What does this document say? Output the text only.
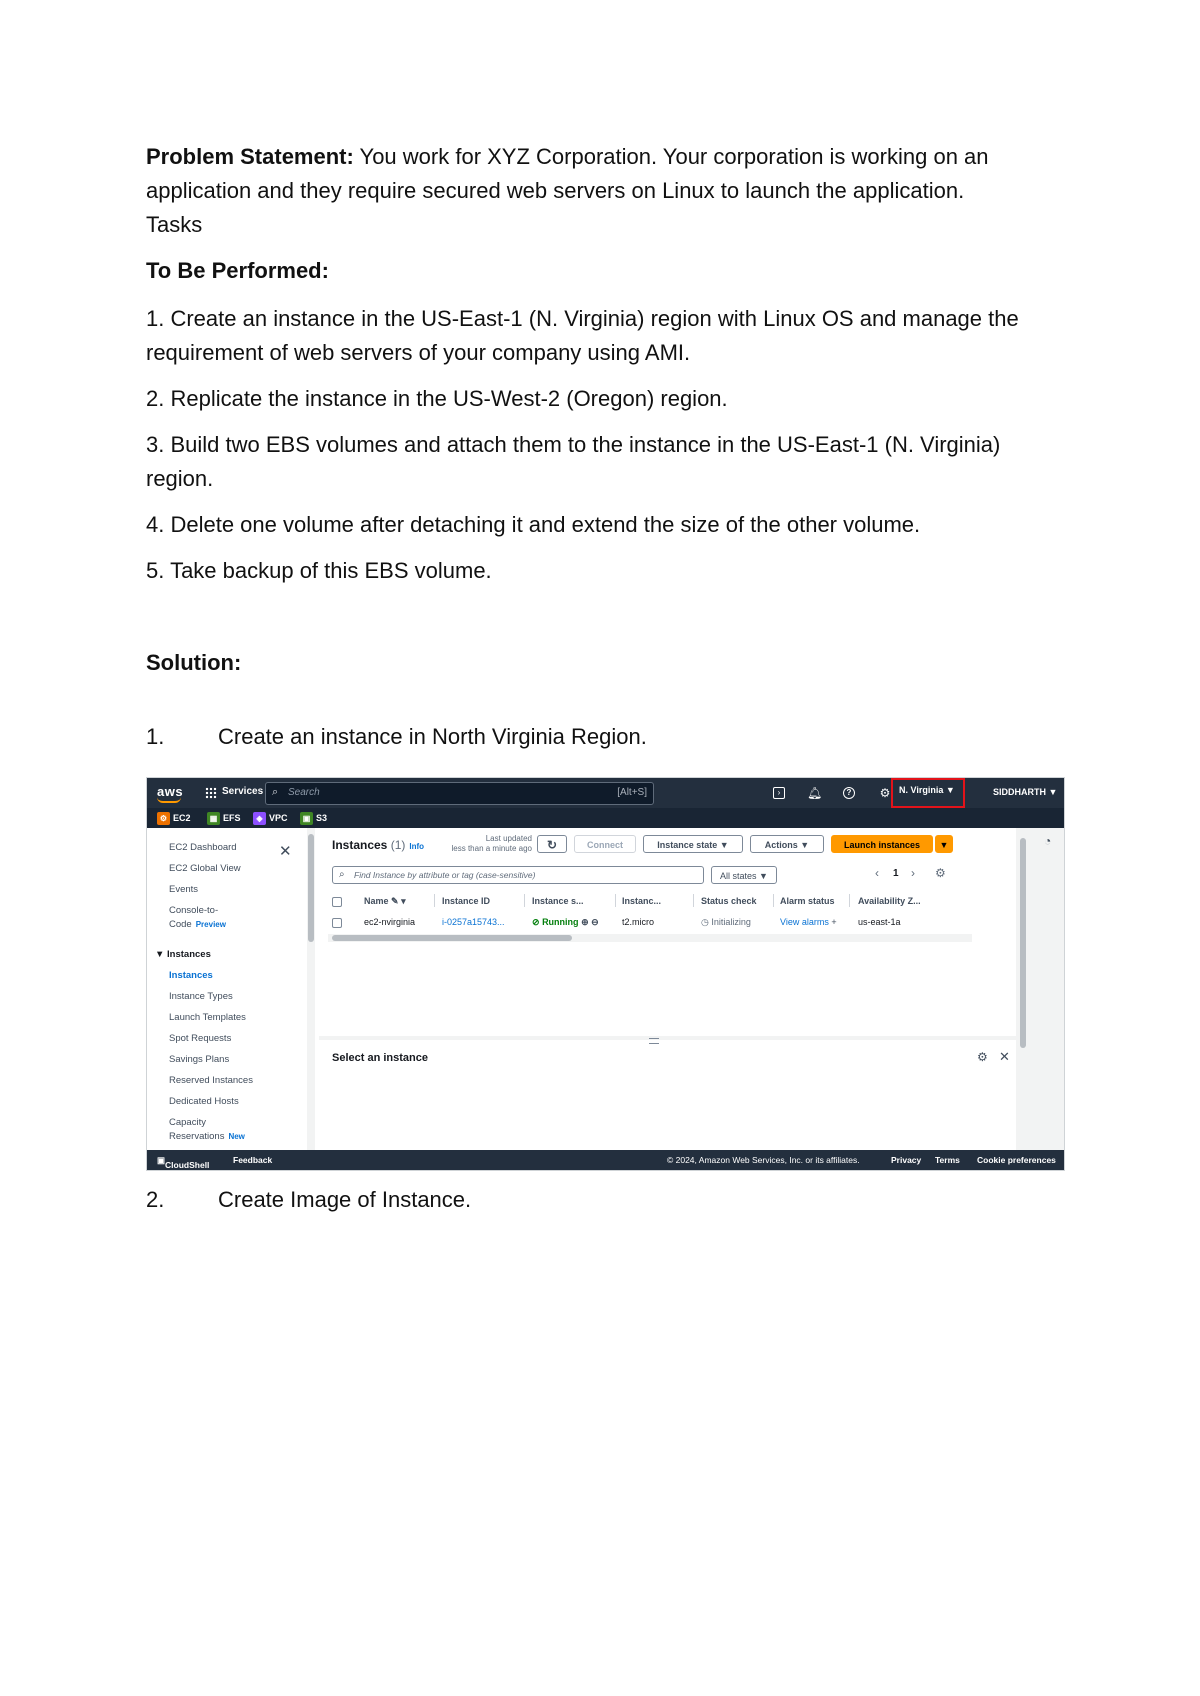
Problem Statement: You work for XYZ Corporation. Your corporation is working on an application and they require secured web servers on Linux to launch the application.
Tasks

To Be Performed:

1. Create an instance in the US-East-1 (N. Virginia) region with Linux OS and manage the requirement of web servers of your company using AMI.

2. Replicate the instance in the US-West-2 (Oregon) region.

3. Build two EBS volumes and attach them to the instance in the US-East-1 (N. Virginia) region.

4. Delete one volume after detaching it and extend the size of the other volume.

5. Take backup of this EBS volume.

Solution:
1. Create an instance in North Virginia Region.
aws	Services ⌕ Search	[Alt+S]	›	🔔︎	? ⚙ N. Virginia ▼	SIDDHARTH ▼
⚙ EC2	▦ EFS	◈ VPC	▣ S3
✕
EC2 Dashboard
EC2 Global View
Events
Console-to-
Code Preview
▼ Instances
Instances
Instance Types
Launch Templates
Spot Requests
Savings Plans
Reserved Instances
Dedicated Hosts
Capacity
Reservations New
Instances (1) Info
Last updated
less than a minute ago	↻	Connect	Instance state ▼	Actions ▼	Launch instances	▼
⌕ Find Instance by attribute or tag (case-sensitive)	All states ▼	‹ 1 › ⚙
Name ✎ ▾	Instance ID	Instance s...	Instanc...	Status check	Alarm status	Availability Z...
ec2-nvirginia	i-0257a15743...	⊘ Running ⊕ ⊖	t2.micro	◷ Initializing	View alarms + us-east-1a
Select an instance	⚙ ✕
◔
▣ CloudShell	Feedback	© 2024, Amazon Web Services, Inc. or its affiliates.	Privacy Terms Cookie preferences
2. Create Image of Instance.
